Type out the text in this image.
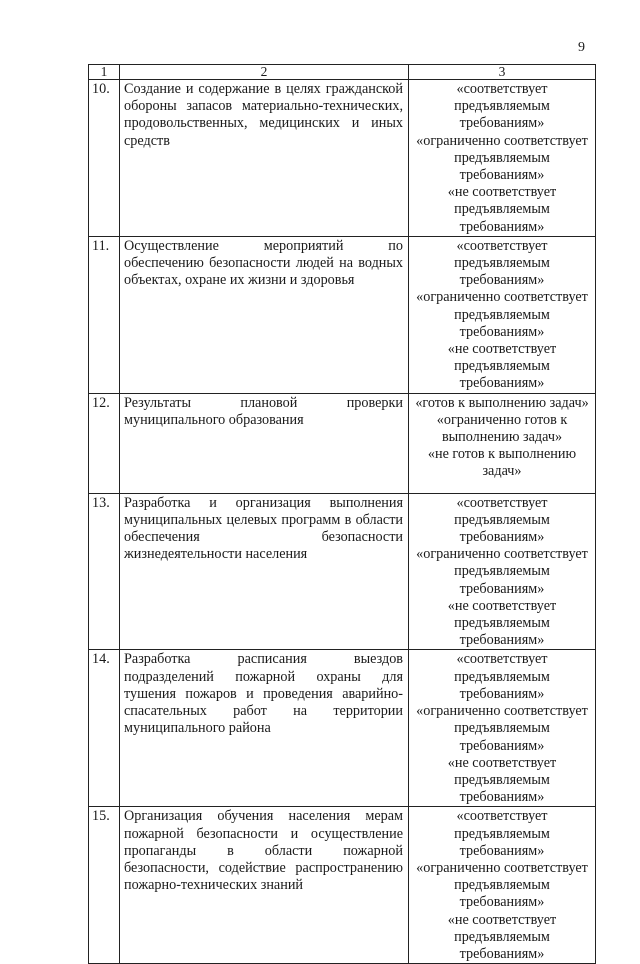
9
1	2	3
10.	Создание и содержание в целях гражданской обороны запасов материально-технических, продовольственных, медицинских и иных средств	«соответствует предъявляемым требованиям»
«ограниченно соответствует предъявляемым требованиям»
«не соответствует предъявляемым требованиям»

11.	Осуществление мероприятий по обеспечению безопасности людей на водных объектах, охране их жизни и здоровья	«соответствует предъявляемым требованиям»
«ограниченно соответствует предъявляемым требованиям»
«не соответствует предъявляемым требованиям»

12.	Результаты плановой проверки муниципального образования	«готов к выполнению задач»
«ограниченно готов к выполнению задач»
«не готов к выполнению задач»

13.	Разработка и организация выполнения муниципальных целевых программ в области обеспечения безопасности жизнедеятельности населения	«соответствует предъявляемым требованиям»
«ограниченно соответствует предъявляемым требованиям»
«не соответствует предъявляемым требованиям»

14.	Разработка расписания выездов подразделений пожарной охраны для тушения пожаров и проведения аварийно-спасательных работ на территории муниципального района	«соответствует предъявляемым требованиям»
«ограниченно соответствует предъявляемым требованиям»
«не соответствует предъявляемым требованиям»

15.	Организация обучения населения мерам пожарной безопасности и осуществление пропаганды в области пожарной безопасности, содействие распространению пожарно-технических знаний	«соответствует предъявляемым требованиям»
«ограниченно соответствует предъявляемым требованиям»
«не соответствует предъявляемым требованиям»
